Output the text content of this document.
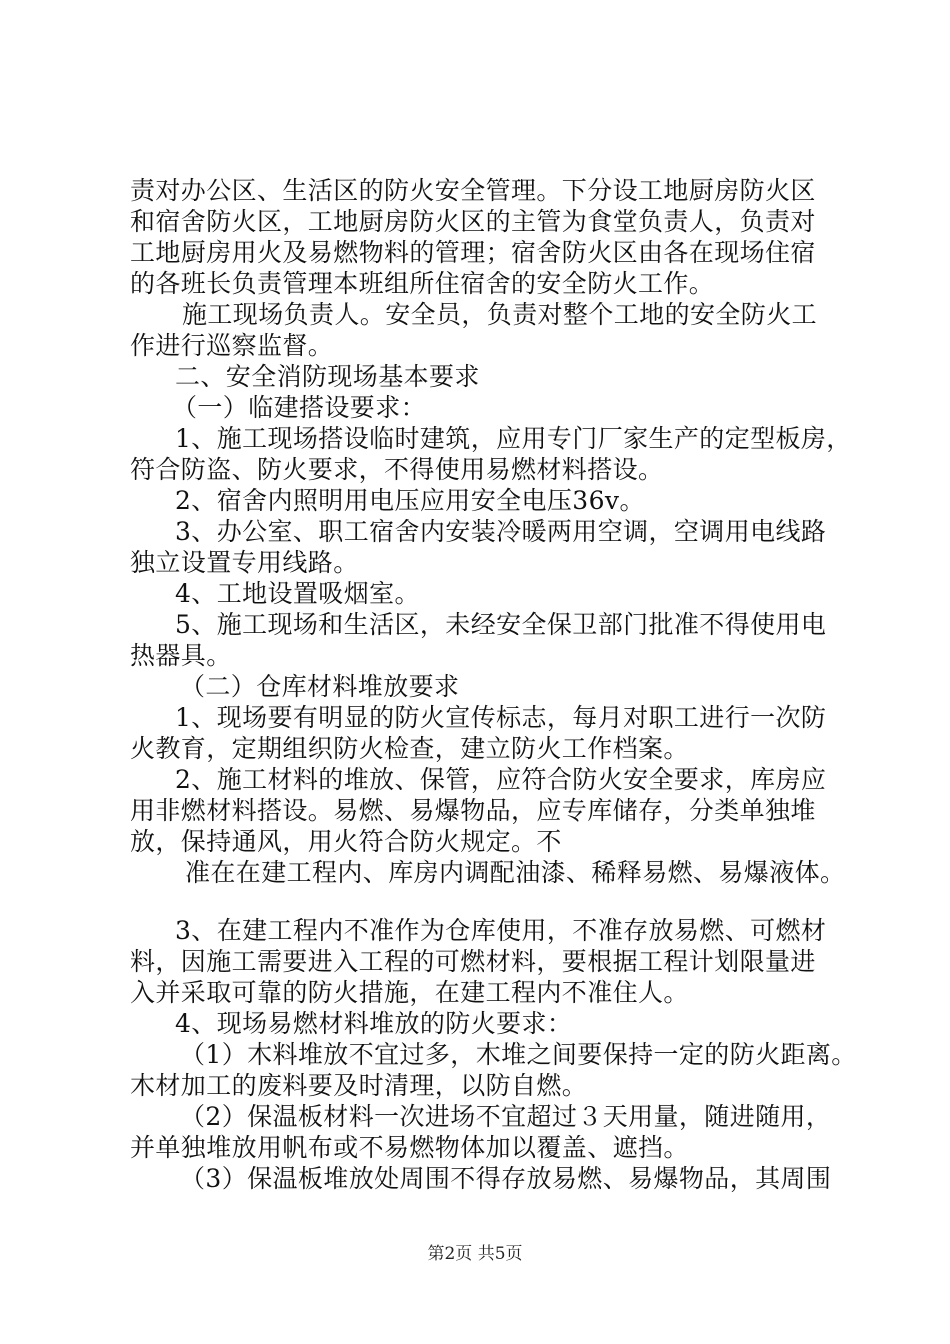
责对办公区、生活区的防火安全管理。下分设工地厨房防火区
和宿舍防火区，工地厨房防火区的主管为食堂负责人，负责对
工地厨房用火及易燃物料的管理；宿舍防火区由各在现场住宿
的各班长负责管理本班组所住宿舍的安全防火工作。
施工现场负责人。安全员，负责对整个工地的安全防火工
作进行巡察监督。
二、安全消防现场基本要求
（一）临建搭设要求：
1、施工现场搭设临时建筑，应用专门厂家生产的定型板房，
符合防盗、防火要求，不得使用易燃材料搭设。
2、宿舍内照明用电压应用安全电压36v。
3、办公室、职工宿舍内安装冷暖两用空调，空调用电线路
独立设置专用线路。
4、工地设置吸烟室。
5、施工现场和生活区，未经安全保卫部门批准不得使用电
热器具。
（二）仓库材料堆放要求
1、现场要有明显的防火宣传标志，每月对职工进行一次防
火教育，定期组织防火检查，建立防火工作档案。
2、施工材料的堆放、保管，应符合防火安全要求，库房应
用非燃材料搭设。易燃、易爆物品，应专库储存，分类单独堆
放，保持通风，用火符合防火规定。不
准在在建工程内、库房内调配油漆、稀释易燃、易爆液体。
3、在建工程内不准作为仓库使用，不准存放易燃、可燃材
料，因施工需要进入工程的可燃材料，要根据工程计划限量进
入并采取可靠的防火措施，在建工程内不准住人。
4、现场易燃材料堆放的防火要求：
（1）木料堆放不宜过多，木堆之间要保持一定的防火距离。
木材加工的废料要及时清理，以防自燃。
（2）保温板材料一次进场不宜超过３天用量，随进随用，
并单独堆放用帆布或不易燃物体加以覆盖、遮挡。
（3）保温板堆放处周围不得存放易燃、易爆物品，其周围
第2页 共5页
